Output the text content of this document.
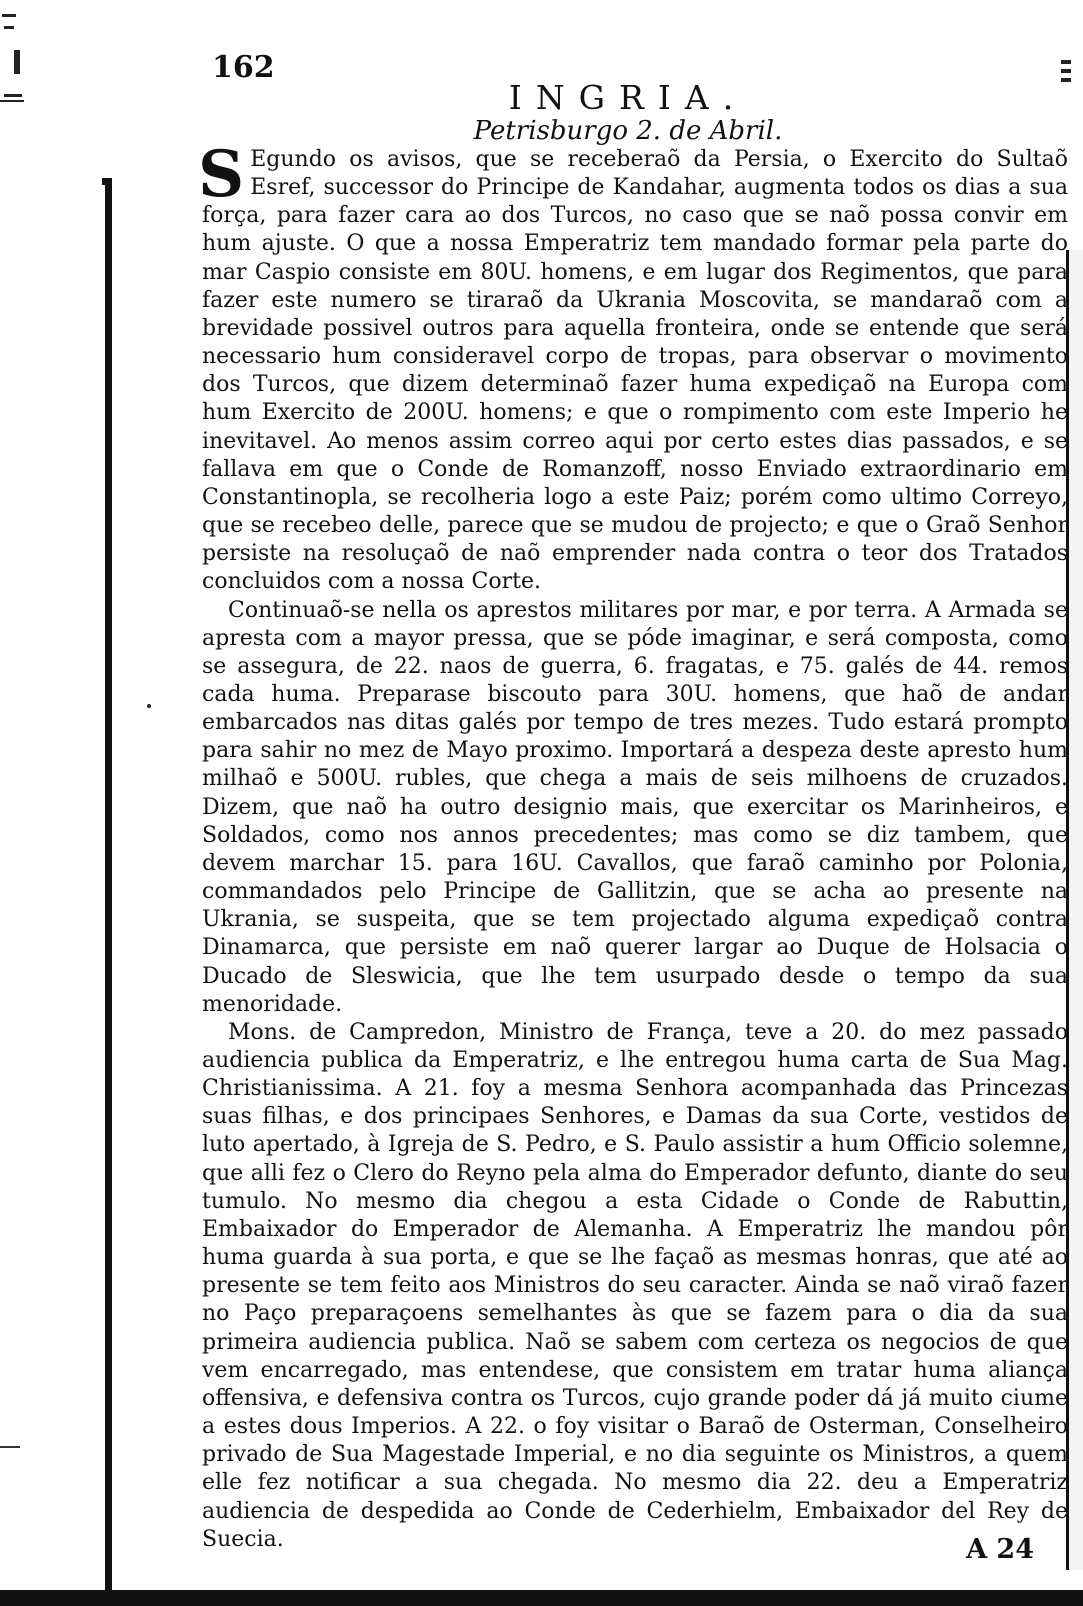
162

INGRIA.

Petrisburgo 2. de Abril.

S Egundo os avisos, que se receberaõ da Persia, o Exercito do Sultaõ Esref, successor do Principe de Kandahar, augmenta todos os dias a sua força, para fazer cara ao dos Turcos, no caso que se naõ possa convir em hum ajuste. O que a nossa Emperatriz tem mandado formar pela parte do mar Caspio consiste em 80U. homens, e em lugar dos Regimentos, que para fazer este numero se tiraraõ da Ukrania Moscovita, se mandaraõ com a brevidade possivel outros para aquella fronteira, onde se entende que será necessario hum consideravel corpo de tropas, para observar o movimento dos Turcos, que dizem determinaõ fazer huma expediçaõ na Europa com hum Exercito de 200U. homens; e que o rompimento com este Imperio he inevitavel. Ao menos assim correo aqui por certo estes dias passados, e se fallava em que o Conde de Romanzoff, nosso Enviado extraordinario em Constantinopla, se recolheria logo a este Paiz; porém como ultimo Correyo, que se recebeo delle, parece que se mudou de projecto; e que o Graõ Senhor persiste na resoluçaõ de naõ emprender nada contra o teor dos Tratados concluidos com a nossa Corte.

Continuaõ-se nella os aprestos militares por mar, e por terra. A Armada se apresta com a mayor pressa, que se póde imaginar, e será composta, como se assegura, de 22. naos de guerra, 6. fragatas, e 75. galés de 44. remos cada huma. Preparase biscouto para 30U. homens, que haõ de andar embarcados nas ditas galés por tempo de tres mezes. Tudo estará prompto para sahir no mez de Mayo proximo. Importará a despeza deste apresto hum milhaõ e 500U. rubles, que chega a mais de seis milhoens de cruzados. Dizem, que naõ ha outro designio mais, que exercitar os Marinheiros, e Soldados, como nos annos precedentes; mas como se diz tambem, que devem marchar 15. para 16U. Cavallos, que faraõ caminho por Polonia, commandados pelo Principe de Gallitzin, que se acha ao presente na Ukrania, se suspeita, que se tem projectado alguma expediçaõ contra Dinamarca, que persiste em naõ querer largar ao Duque de Holsacia o Ducado de Sleswicia, que lhe tem usurpado desde o tempo da sua menoridade.

Mons. de Campredon, Ministro de França, teve a 20. do mez passado audiencia publica da Emperatriz, e lhe entregou huma carta de Sua Mag. Christianissima. A 21. foy a mesma Senhora acompanhada das Princezas suas filhas, e dos principaes Senhores, e Damas da sua Corte, vestidos de luto apertado, à Igreja de S. Pedro, e S. Paulo assistir a hum Officio solemne, que alli fez o Clero do Reyno pela alma do Emperador defunto, diante do seu tumulo. No mesmo dia chegou a esta Cidade o Conde de Rabuttin, Embaixador do Emperador de Alemanha. A Emperatriz lhe mandou pôr huma guarda à sua porta, e que se lhe façaõ as mesmas honras, que até ao presente se tem feito aos Ministros do seu caracter. Ainda se naõ viraõ fazer no Paço preparaçoens semelhantes às que se fazem para o dia da sua primeira audiencia publica. Naõ se sabem com certeza os negocios de que vem encarregado, mas entendese, que consistem em tratar huma aliança offensiva, e defensiva contra os Turcos, cujo grande poder dá já muito ciume a estes dous Imperios. A 22. o foy visitar o Baraõ de Osterman, Conselheiro privado de Sua Magestade Imperial, e no dia seguinte os Ministros, a quem elle fez notificar a sua chegada. No mesmo dia 22. deu a Emperatriz audiencia de despedida ao Conde de Cederhielm, Embaixador del Rey de Suecia.	A 24
